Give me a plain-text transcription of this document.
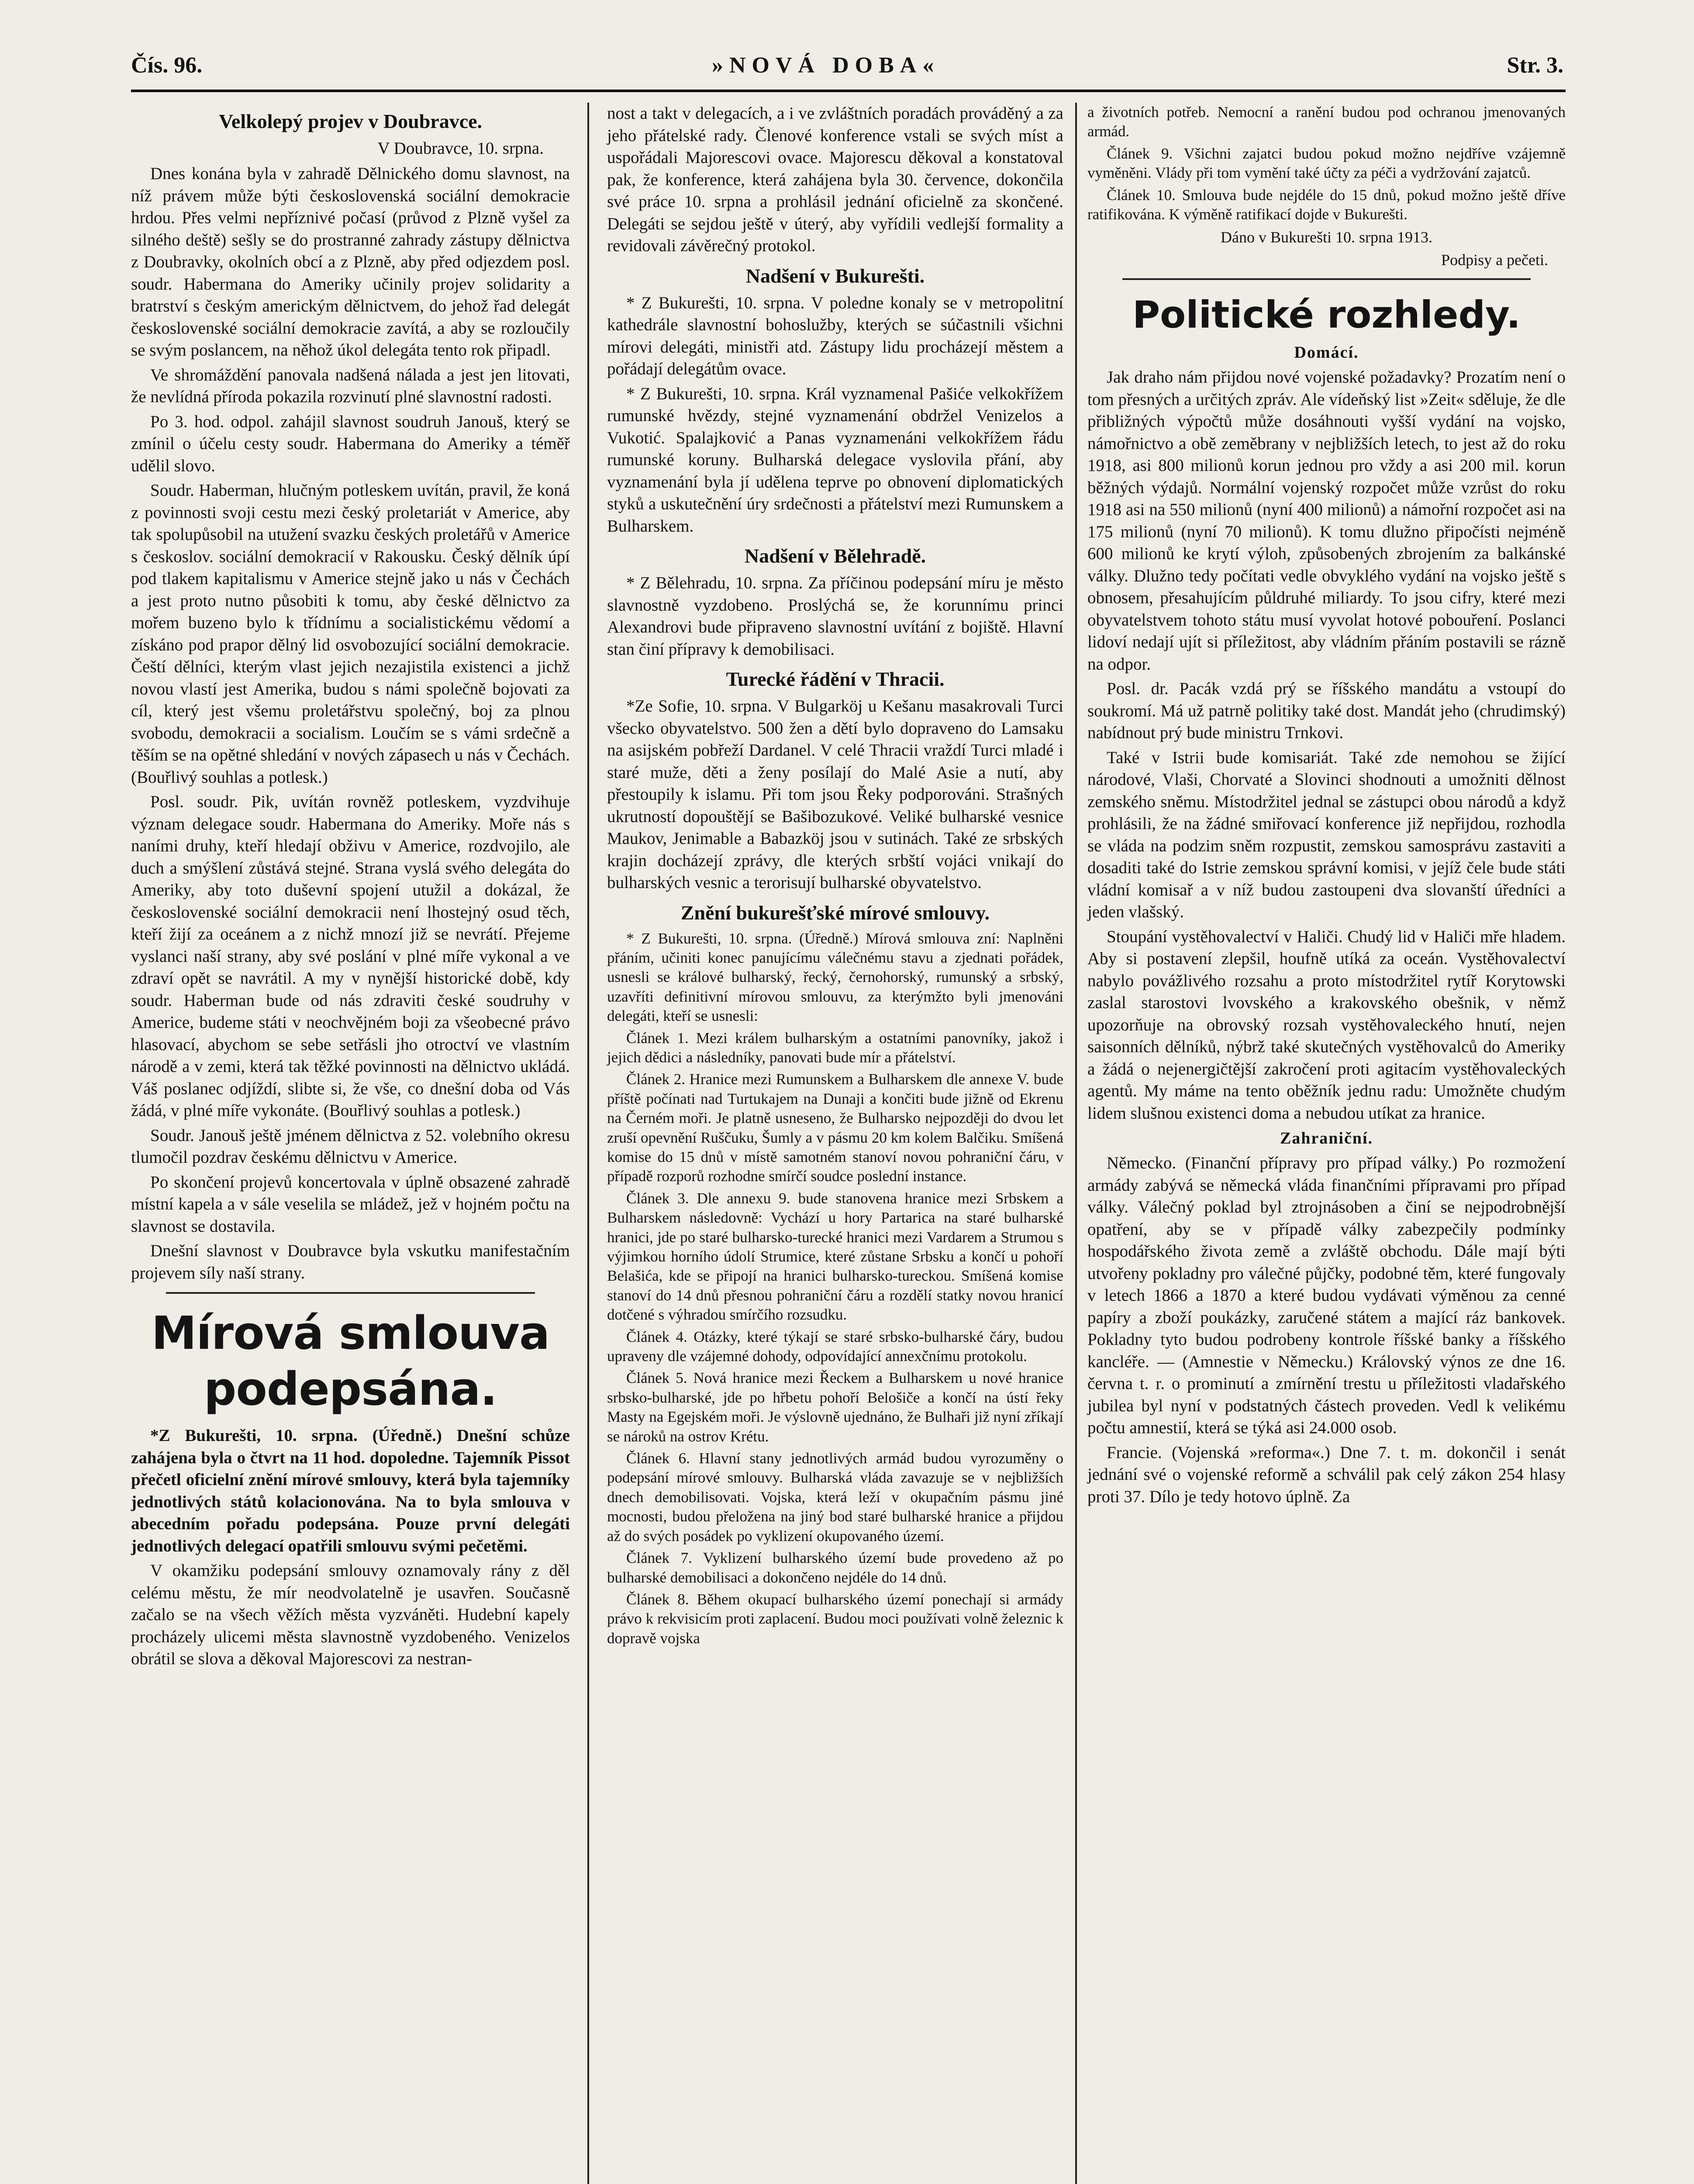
Čís. 96.	»NOVÁ DOBA«	Str. 3.
Velkolepý projev v Doubravce.
V Doubravce, 10. srpna.

Dnes konána byla v zahradě Dělnického domu slavnost, na níž právem může býti československá sociální demokracie hrdou. Přes velmi nepříznivé počasí (průvod z Plzně vyšel za silného deště) sešly se do prostranné zahrady zástupy dělnictva z Doubravky, okolních obcí a z Plzně, aby před odjezdem posl. soudr. Habermana do Ameriky učinily projev solidarity a bratrství s českým americkým dělnictvem, do jehož řad delegát československé sociální demokracie zavítá, a aby se rozloučily se svým poslancem, na něhož úkol delegáta tento rok připadl.

Ve shromáždění panovala nadšená nálada a jest jen litovati, že nevlídná příroda pokazila rozvinutí plné slavnostní radosti.

Po 3. hod. odpol. zahájil slavnost soudruh Janouš, který se zmínil o účelu cesty soudr. Habermana do Ameriky a téměř udělil slovo.

Soudr. Haberman, hlučným potleskem uvítán, pravil, že koná z povinnosti svoji cestu mezi český proletariát v Americe, aby tak spolupůsobil na utužení svazku českých proletářů v Americe s českoslov. sociální demokracií v Rakousku. Český dělník úpí pod tlakem kapitalismu v Americe stejně jako u nás v Čechách a jest proto nutno působiti k tomu, aby české dělnictvo za mořem buzeno bylo k třídnímu a socialistickému vědomí a získáno pod prapor dělný lid osvobozující sociální demokracie. Čeští dělníci, kterým vlast jejich nezajistila existenci a jichž novou vlastí jest Amerika, budou s námi společně bojovati za cíl, který jest všemu proletářstvu společný, boj za plnou svobodu, demokracii a socialism. Loučím se s vámi srdečně a těším se na opětné shledání v nových zápasech u nás v Čechách. (Bouřlivý souhlas a potlesk.)

Posl. soudr. Pik, uvítán rovněž potleskem, vyzdvihuje význam delegace soudr. Habermana do Ameriky. Moře nás s naními druhy, kteří hledají obživu v Americe, rozdvojilo, ale duch a smýšlení zůstává stejné. Strana vyslá svého delegáta do Ameriky, aby toto duševní spojení utužil a dokázal, že československé sociální demokracii není lhostejný osud těch, kteří žijí za oceánem a z nichž mnozí již se nevrátí. Přejeme vyslanci naší strany, aby své poslání v plné míře vykonal a ve zdraví opět se navrátil. A my v nynější historické době, kdy soudr. Haberman bude od nás zdraviti české soudruhy v Americe, budeme státi v neochvějném boji za všeobecné právo hlasovací, abychom se sebe setřásli jho otroctví ve vlastním národě a v zemi, která tak těžké povinnosti na dělnictvo ukládá. Váš poslanec odjíždí, slibte si, že vše, co dnešní doba od Vás žádá, v plné míře vykonáte. (Bouřlivý souhlas a potlesk.)

Soudr. Janouš ještě jménem dělnictva z 52. volebního okresu tlumočil pozdrav českému dělnictvu v Americe.

Po skončení projevů koncertovala v úplně obsazené zahradě místní kapela a v sále veselila se mládež, jež v hojném počtu na slavnost se dostavila.

Dnešní slavnost v Doubravce byla vskutku manifestačním projevem síly naší strany.

Mírová smlouva
podepsána.

*Z Bukurešti, 10. srpna. (Úředně.) Dnešní schůze zahájena byla o čtvrt na 11 hod. dopoledne. Tajemník Pissot přečetl oficielní znění mírové smlouvy, která byla tajemníky jednotlivých států kolacionována. Na to byla smlouva v abecedním pořadu podepsána. Pouze první delegáti jednotlivých delegací opatřili smlouvu svými pečetěmi.

V okamžiku podepsání smlouvy oznamovaly rány z děl celému městu, že mír neodvolatelně je usavřen. Současně začalo se na všech věžích města vyzváněti. Hudební kapely procházely ulicemi města slavnostně vyzdobeného. Venizelos obrátil se slova a děkoval Majorescovi za nestran-

nost a takt v delegacích, a i ve zvláštních poradách prováděný a za jeho přátelské rady. Členové konference vstali se svých míst a uspořádali Majorescovi ovace. Majorescu děkoval a konstatoval pak, že konference, která zahájena byla 30. července, dokončila své práce 10. srpna a prohlásil jednání oficielně za skončené. Delegáti se sejdou ještě v úterý, aby vyřídili vedlejší formality a revidovali závěrečný protokol.

Nadšení v Bukurešti.

* Z Bukurešti, 10. srpna. V poledne konaly se v metropolitní kathedrále slavnostní bohoslužby, kterých se súčastnili všichni mírovi delegáti, ministři atd. Zástupy lidu procházejí městem a pořádají delegátům ovace.

* Z Bukurešti, 10. srpna. Král vyznamenal Pašiće velkokřížem rumunské hvězdy, stejné vyznamenání obdržel Venizelos a Vukotić. Spalajković a Panas vyznamenáni velkokřížem řádu rumunské koruny. Bulharská delegace vyslovila přání, aby vyznamenání byla jí udělena teprve po obnovení diplomatických styků a uskutečnění úry srdečnosti a přátelství mezi Rumunskem a Bulharskem.

Nadšení v Bělehradě.

* Z Bělehradu, 10. srpna. Za příčinou podepsání míru je město slavnostně vyzdobeno. Proslýchá se, že korunnímu princi Alexandrovi bude připraveno slavnostní uvítání z bojiště. Hlavní stan činí přípravy k demobilisaci.

Turecké řádění v Thracii.

*Ze Sofie, 10. srpna. V Bulgarköj u Kešanu masakrovali Turci všecko obyvatelstvo. 500 žen a dětí bylo dopraveno do Lamsaku na asijském pobřeží Dardanel. V celé Thracii vraždí Turci mladé i staré muže, děti a ženy posílají do Malé Asie a nutí, aby přestoupily k islamu. Při tom jsou Řeky podporováni. Strašných ukrutností dopouštějí se Bašibozukové. Veliké bulharské vesnice Maukov, Jenimable a Babazköj jsou v sutinách. Také ze srbských krajin docházejí zprávy, dle kterých srbští vojáci vnikají do bulharských vesnic a terorisují bulharské obyvatelstvo.

Znění bukurešťské mírové smlouvy.

* Z Bukurešti, 10. srpna. (Úředně.) Mírová smlouva zní: Naplněni přáním, učiniti konec panujícímu válečnému stavu a zjednati pořádek, usnesli se králové bulharský, řecký, černohorský, rumunský a srbský, uzavříti definitivní mírovou smlouvu, za kterýmžto byli jmenováni delegáti, kteří se usnesli:

Článek 1. Mezi králem bulharským a ostatními panovníky, jakož i jejich dědici a následníky, panovati bude mír a přátelství.

Článek 2. Hranice mezi Rumunskem a Bulharskem dle annexe V. bude příště počínati nad Turtukajem na Dunaji a končiti bude jižně od Ekrenu na Černém moři. Je platně usneseno, že Bulharsko nejpozději do dvou let zruší opevnění Ruščuku, Šumly a v pásmu 20 km kolem Balčiku. Smíšená komise do 15 dnů v místě samotném stanoví novou pohraniční čáru, v případě rozporů rozhodne smírčí soudce poslední instance.

Článek 3. Dle annexu 9. bude stanovena hranice mezi Srbskem a Bulharskem následovně: Vychází u hory Partarica na staré bulharské hranici, jde po staré bulharsko-turecké hranici mezi Vardarem a Strumou s výjimkou horního údolí Strumice, které zůstane Srbsku a končí u pohoří Belašića, kde se připojí na hranici bulharsko-tureckou. Smíšená komise stanoví do 14 dnů přesnou pohraniční čáru a rozdělí statky novou hranicí dotčené s výhradou smírčího rozsudku.

Článek 4. Otázky, které týkají se staré srbsko-bulharské čáry, budou upraveny dle vzájemné dohody, odpovídající annexčnímu protokolu.

Článek 5. Nová hranice mezi Řeckem a Bulharskem u nové hranice srbsko-bulharské, jde po hřbetu pohoří Belošiče a končí na ústí řeky Masty na Egejském moři. Je výslovně ujednáno, že Bulhaři již nyní zříkají se nároků na ostrov Krétu.

Článek 6. Hlavní stany jednotlivých armád budou vyrozuměny o podepsání mírové smlouvy. Bulharská vláda zavazuje se v nejbližších dnech demobilisovati. Vojska, která leží v okupačním pásmu jiné mocnosti, budou přeložena na jiný bod staré bulharské hranice a přijdou až do svých posádek po vyklizení okupovaného území.

Článek 7. Vyklizení bulharského území bude provedeno až po bulharské demobilisaci a dokončeno nejdéle do 14 dnů.

Článek 8. Během okupací bulharského území ponechají si armády právo k rekvisicím proti zaplacení. Budou moci používati volně železnic k dopravě vojska

a životních potřeb. Nemocní a ranění budou pod ochranou jmenovaných armád.

Článek 9. Všichni zajatci budou pokud možno nejdříve vzájemně vyměněni. Vlády při tom vymění také účty za péči a vydržování zajatců.

Článek 10. Smlouva bude nejdéle do 15 dnů, pokud možno ještě dříve ratifikována. K výměně ratifikací dojde v Bukurešti.

Dáno v Bukurešti 10. srpna 1913.
Podpisy a pečeti.
Politické rozhledy.
Domácí.

Jak draho nám přijdou nové vojenské požadavky? Prozatím není o tom přesných a určitých zpráv. Ale vídeňský list »Zeit« sděluje, že dle přibližných výpočtů může dosáhnouti vyšší vydání na vojsko, námořnictvo a obě zeměbrany v nejbližších letech, to jest až do roku 1918, asi 800 milionů korun jednou pro vždy a asi 200 mil. korun běžných výdajů. Normální vojenský rozpočet může vzrůst do roku 1918 asi na 550 milionů (nyní 400 milionů) a námořní rozpočet asi na 175 milionů (nyní 70 milionů). K tomu dlužno připočísti nejméně 600 milionů ke krytí výloh, způsobených zbrojením za balkánské války. Dlužno tedy počítati vedle obvyklého vydání na vojsko ještě s obnosem, přesahujícím půldruhé miliardy. To jsou cifry, které mezi obyvatelstvem tohoto státu musí vyvolat hotové pobouření. Poslanci lidoví nedají ujít si příležitost, aby vládním přáním postavili se rázně na odpor.

Posl. dr. Pacák vzdá prý se říšského mandátu a vstoupí do soukromí. Má už patrně politiky také dost. Mandát jeho (chrudimský) nabídnout prý bude ministru Trnkovi.

Také v Istrii bude komisariát. Také zde nemohou se žijící národové, Vlaši, Chorvaté a Slovinci shodnouti a umožniti dělnost zemského sněmu. Místodržitel jednal se zástupci obou národů a když prohlásili, že na žádné smiřovací konference již nepřijdou, rozhodla se vláda na podzim sněm rozpustit, zemskou samosprávu zastaviti a dosaditi také do Istrie zemskou správní komisi, v jejíž čele bude státi vládní komisař a v níž budou zastoupeni dva slovanští úředníci a jeden vlašský.

Stoupání vystěhovalectví v Haliči. Chudý lid v Haliči mře hladem. Aby si postavení zlepšil, houfně utíká za oceán. Vystěhovalectví nabylo povážlivého rozsahu a proto místodržitel rytíř Korytowski zaslal starostovi lvovského a krakovského obešnik, v němž upozorňuje na obrovský rozsah vystěhovaleckého hnutí, nejen saisonních dělníků, nýbrž také skutečných vystěhovalců do Ameriky a žádá o nejenergičtější zakročení proti agitacím vystěhovaleckých agentů. My máme na tento oběžník jednu radu: Umožněte chudým lidem slušnou existenci doma a nebudou utíkat za hranice.

Zahraniční.

Německo. (Finanční přípravy pro případ války.) Po rozmožení armády zabývá se německá vláda finančními přípravami pro případ války. Válečný poklad byl ztrojnásoben a činí se nejpodrobnější opatření, aby se v případě války zabezpečily podmínky hospodářského života země a zvláště obchodu. Dále mají býti utvořeny pokladny pro válečné půjčky, podobné těm, které fungovaly v letech 1866 a 1870 a které budou vydávati výměnou za cenné papíry a zboží poukázky, zaručené státem a mající ráz bankovek. Pokladny tyto budou podrobeny kontrole říšské banky a říšského kancléře. — (Amnestie v Německu.) Královský výnos ze dne 16. června t. r. o prominutí a zmírnění trestu u příležitosti vladařského jubilea byl nyní v podstatných částech proveden. Vedl k velikému počtu amnestií, která se týká asi 24.000 osob.

Francie. (Vojenská »reforma«.) Dne 7. t. m. dokončil i senát jednání své o vojenské reformě a schválil pak celý zákon 254 hlasy proti 37. Dílo je tedy hotovo úplně. Za
